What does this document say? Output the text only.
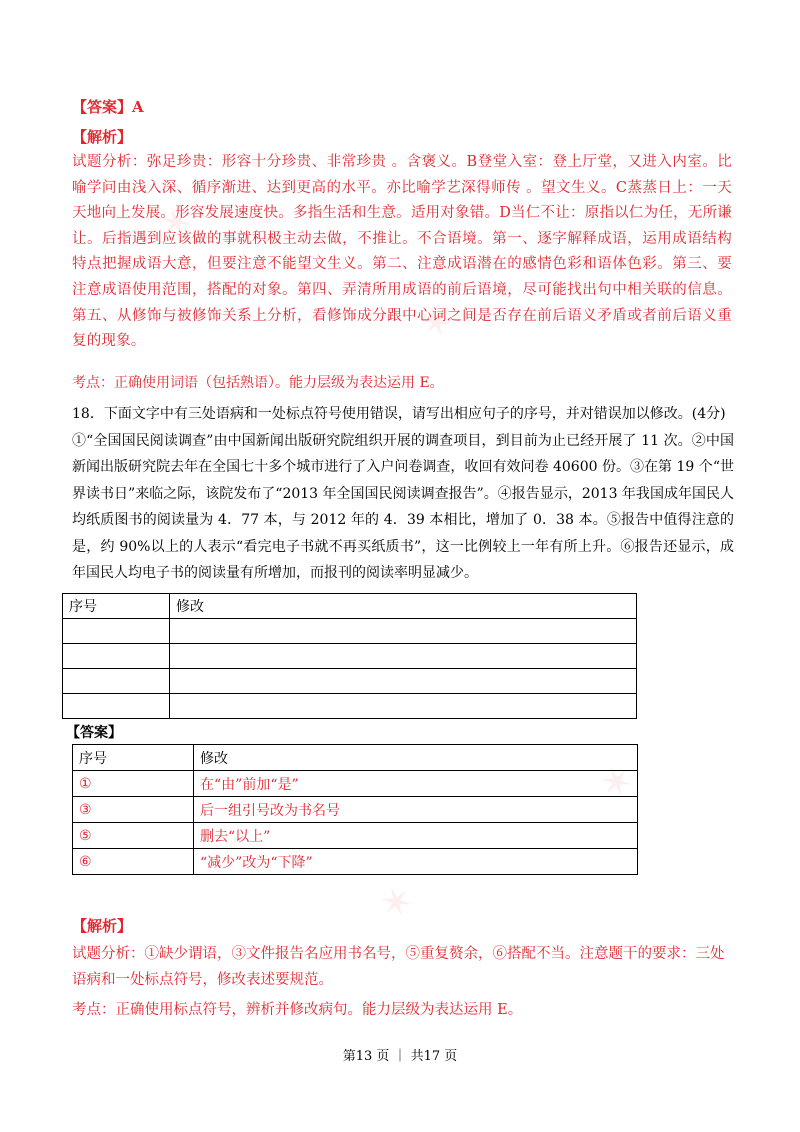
✶
✶
✶
✶
【答案】A
【解析】
试题分析：弥足珍贵：形容十分珍贵、非常珍贵 。含褒义。B登堂入室：登上厅堂，又进入内室。比喻学问由浅入深、循序渐进、达到更高的水平。亦比喻学艺深得师传 。望文生义。C蒸蒸日上：一天天地向上发展。形容发展速度快。多指生活和生意。适用对象错。D当仁不让：原指以仁为任，无所谦让。后指遇到应该做的事就积极主动去做，不推让。不合语境。第一、逐字解释成语，运用成语结构特点把握成语大意，但要注意不能望文生义。第二、注意成语潜在的感情色彩和语体色彩。第三、要注意成语使用范围，搭配的对象。第四、弄清所用成语的前后语境，尽可能找出句中相关联的信息。第五、从修饰与被修饰关系上分析，看修饰成分跟中心词之间是否存在前后语义矛盾或者前后语义重复的现象。
考点：正确使用词语（包括熟语）。能力层级为表达运用 E。
18．下面文字中有三处语病和一处标点符号使用错误，请写出相应句子的序号，并对错误加以修改。(4分)
①“全国国民阅读调查”由中国新闻出版研究院组织开展的调查项目，到目前为止已经开展了 11 次。②中国新闻出版研究院去年在全国七十多个城市进行了入户问卷调查，收回有效问卷 40600 份。③在第 19 个“世界读书日”来临之际，该院发布了“2013 年全国国民阅读调查报告”。④报告显示，2013 年我国成年国民人均纸质图书的阅读量为 4．77 本，与 2012 年的 4．39 本相比，增加了 0．38 本。⑤报告中值得注意的是，约 90%以上的人表示“看完电子书就不再买纸质书”，这一比例较上一年有所上升。⑥报告还显示，成年国民人均电子书的阅读量有所增加，而报刊的阅读率明显减少。
序号	修改

【答案】
序号	修改
①	在“由”前加“是”
③	后一组引号改为书名号
⑤	删去“以上”
⑥	“减少”改为“下降”
【解析】
试题分析：①缺少谓语，③文件报告名应用书名号，⑤重复赘余，⑥搭配不当。注意题干的要求：三处语病和一处标点符号，修改表述要规范。
考点：正确使用标点符号，辨析并修改病句。能力层级为表达运用 E。
第13 页 ｜ 共17 页
